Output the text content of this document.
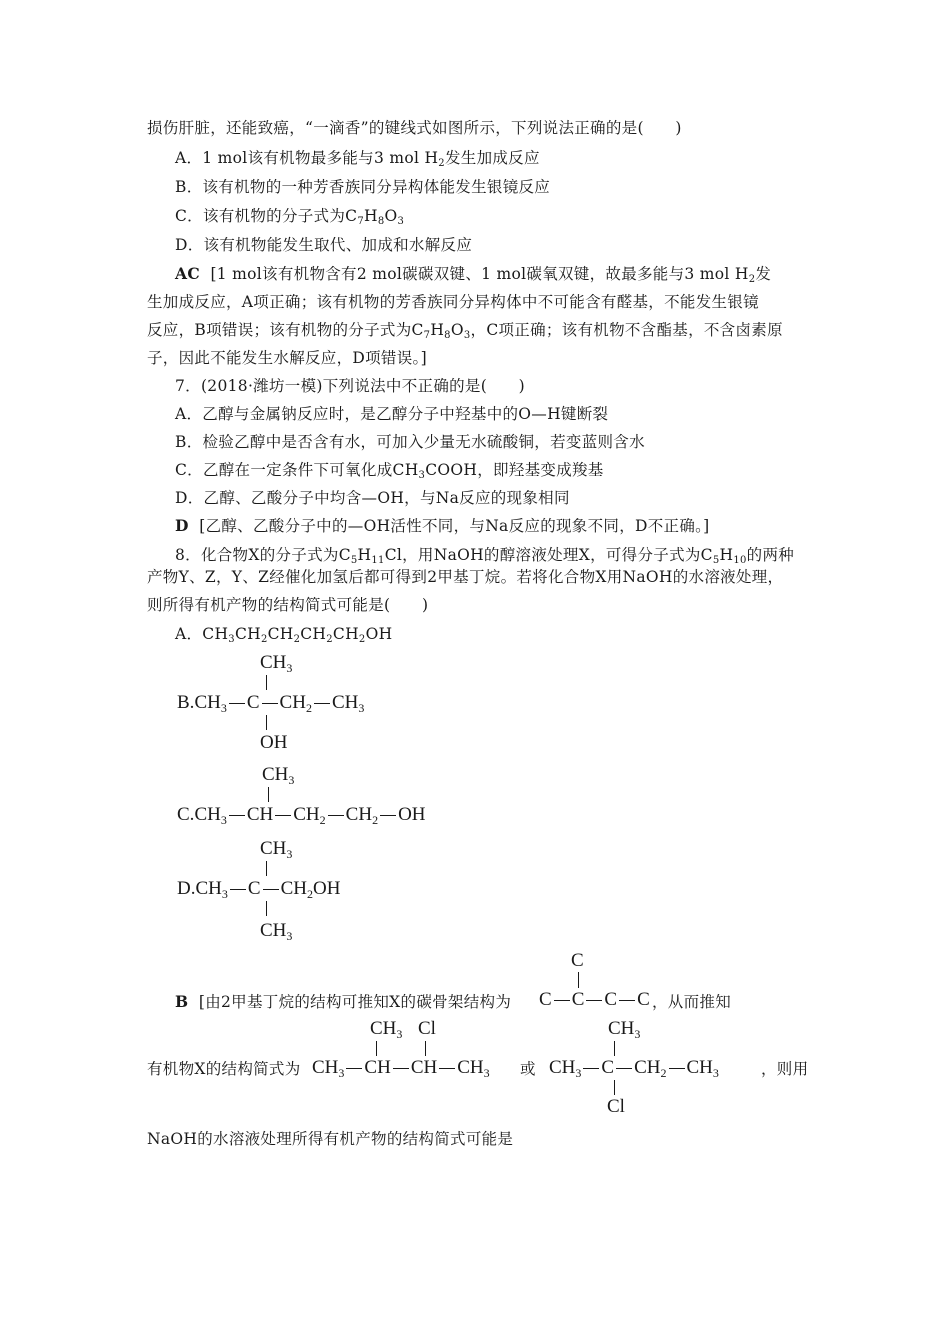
损伤肝脏，还能致癌，“一滴香”的键线式如图所示，下列说法正确的是(　　)
A．1 mol该有机物最多能与3 mol $H_2$发生加成反应
B．该有机物的一种芳香族同分异构体能发生银镜反应
C．该有机物的分子式为$C_7H_8O_3$
D．该有机物能发生取代、加成和水解反应
AC [1 mol该有机物含有2 mol碳碳双键、1 mol碳氧双键，故最多能与3 mol $H_2$发
生加成反应，A项正确；该有机物的芳香族同分异构体中不可能含有醛基，不能发生银镜
反应，B项错误；该有机物的分子式为$C_7H_8O_3$，C项正确；该有机物不含酯基，不含卤素原
子，因此不能发生水解反应，D项错误。]
7．(2018·潍坊一模)下列说法中不正确的是(　　)
A．乙醇与金属钠反应时，是乙醇分子中羟基中的O—H键断裂
B．检验乙醇中是否含有水，可加入少量无水硫酸铜，若变蓝则含水
C．乙醇在一定条件下可氧化成$CH_3COOH$，即羟基变成羧基
D．乙醇、乙酸分子中均含—OH，与Na反应的现象相同
D [乙醇、乙酸分子中的—OH活性不同，与Na反应的现象不同，D不正确。]
8．化合物X的分子式为$C_5H_{11}Cl$，用NaOH的醇溶液处理X，可得分子式为$C_5H_{10}$的两种
产物Y、Z，Y、Z经催化加氢后都可得到2甲基丁烷。若将化合物X用NaOH的水溶液处理，
则所得有机产物的结构简式可能是(　　)
A．$CH_3CH_2CH_2CH_2CH_2OH$
$CH_3$
$B.CH_3$ C $CH_2$ $CH_3$
OH
$CH_3$
$C.CH_3$ CH $CH_2$ $CH_2$ OH
$CH_3$
$D.CH_3$ C $CH_2OH$
$CH_3$
B [由2甲基丁烷的结构可推知X的碳骨架结构为
C
C C C C ，从而推知
有机物X的结构简式为
$CH_3$ Cl
$CH_3$ CH CH $CH_3$ 或
$CH_3$
$CH_3$ C $CH_2$ $CH_3$
Cl
，则用
NaOH的水溶液处理所得有机产物的结构简式可能是
